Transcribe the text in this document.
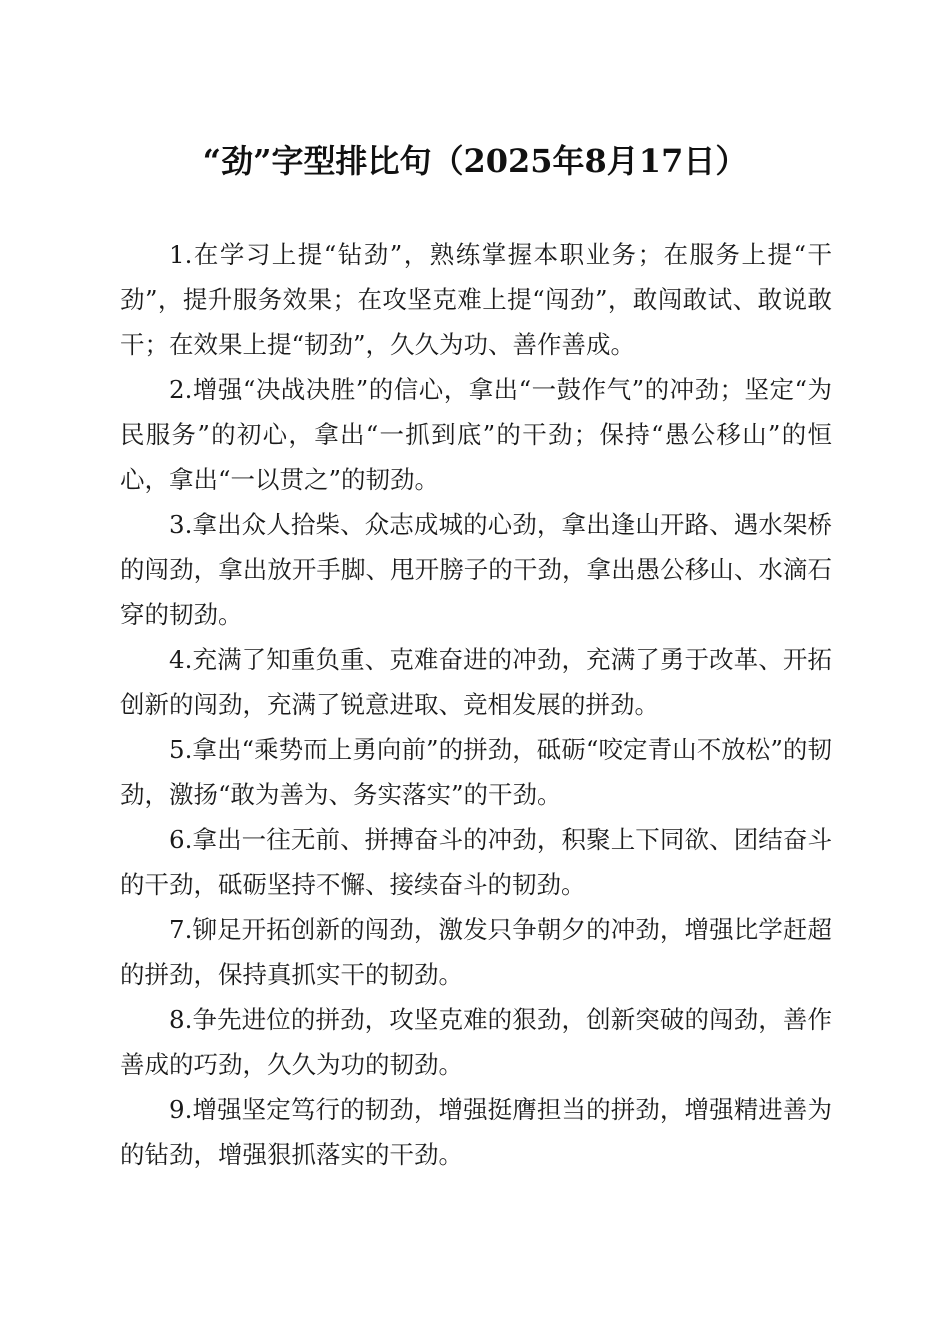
“劲”字型排比句（2025年8月17日）

1.在学习上提“钻劲”，熟练掌握本职业务；在服务上提“干劲”，提升服务效果；在攻坚克难上提“闯劲”，敢闯敢试、敢说敢干；在效果上提“韧劲”，久久为功、善作善成。

2.增强“决战决胜”的信心，拿出“一鼓作气”的冲劲；坚定“为民服务”的初心，拿出“一抓到底”的干劲；保持“愚公移山”的恒心，拿出“一以贯之”的韧劲。

3.拿出众人拾柴、众志成城的心劲，拿出逢山开路、遇水架桥的闯劲，拿出放开手脚、甩开膀子的干劲，拿出愚公移山、水滴石穿的韧劲。

4.充满了知重负重、克难奋进的冲劲，充满了勇于改革、开拓创新的闯劲，充满了锐意进取、竞相发展的拼劲。

5.拿出“乘势而上勇向前”的拼劲，砥砺“咬定青山不放松”的韧劲，激扬“敢为善为、务实落实”的干劲。

6.拿出一往无前、拼搏奋斗的冲劲，积聚上下同欲、团结奋斗的干劲，砥砺坚持不懈、接续奋斗的韧劲。

7.铆足开拓创新的闯劲，激发只争朝夕的冲劲，增强比学赶超的拼劲，保持真抓实干的韧劲。

8.争先进位的拼劲，攻坚克难的狠劲，创新突破的闯劲，善作善成的巧劲，久久为功的韧劲。

9.增强坚定笃行的韧劲，增强挺膺担当的拼劲，增强精进善为的钻劲，增强狠抓落实的干劲。
